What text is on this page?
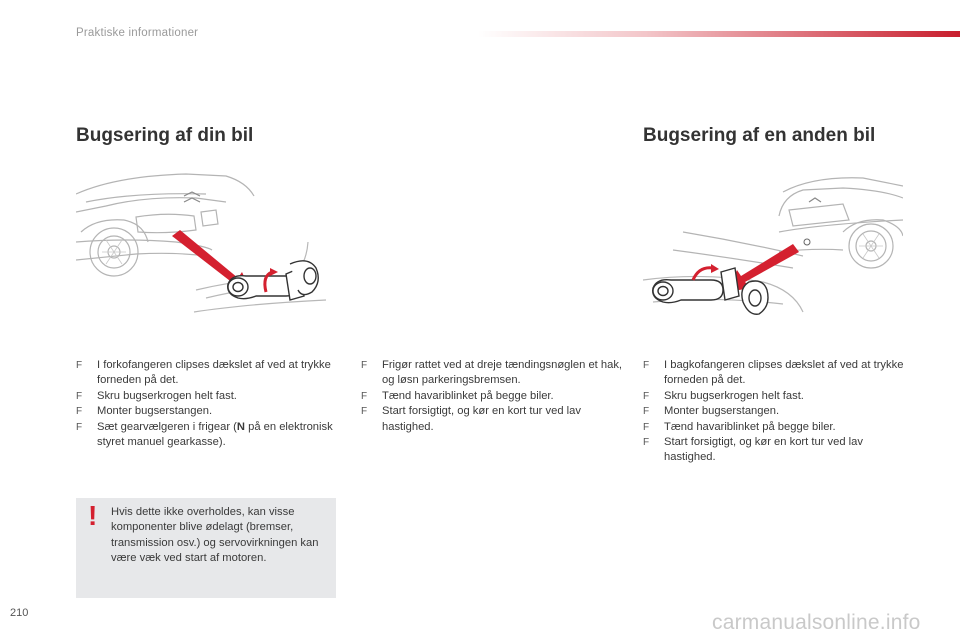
Praktiske informationer
Bugsering af din bil
F I forkofangeren clipses dækslet af ved at trykke forneden på det.
F Skru bugserkrogen helt fast.
F Monter bugserstangen.
F Sæt gearvælgeren i frigear (N på en elektronisk styret manuel gearkasse).
! Hvis dette ikke overholdes, kan visse komponenter blive ødelagt (bremser, transmission osv.) og servovirkningen kan være væk ved start af motoren.
F Frigør rattet ved at dreje tændingsnøglen et hak, og løsn parkeringsbremsen.
F Tænd havariblinket på begge biler.
F Start forsigtigt, og kør en kort tur ved lav hastighed.
Bugsering af en anden bil
F I bagkofangeren clipses dækslet af ved at trykke forneden på det.
F Skru bugserkrogen helt fast.
F Monter bugserstangen.
F Tænd havariblinket på begge biler.
F Start forsigtigt, og kør en kort tur ved lav hastighed.
210	carmanualsonline.info
